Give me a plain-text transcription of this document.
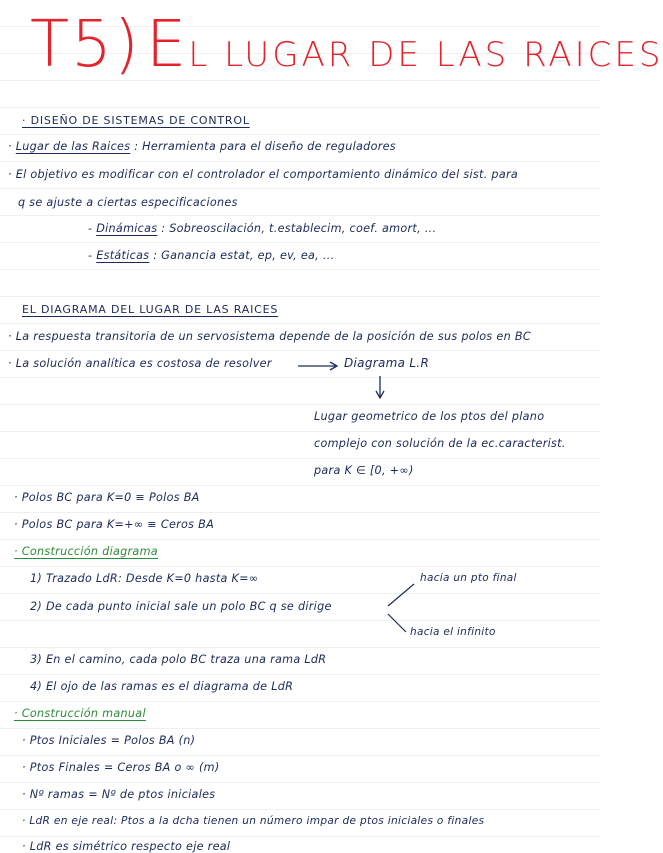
T5) EL LUGAR DE LAS RAICES
· DISEÑO DE SISTEMAS DE CONTROL
· Lugar de las Raices : Herramienta para el diseño de reguladores
· El objetivo es modificar con el controlador el comportamiento dinámico del sist. para
q se ajuste a ciertas especificaciones
- Dinámicas : Sobreoscilación, t.establecim, coef. amort, ...
- Estáticas : Ganancia estat, ep, ev, ea, ...
EL DIAGRAMA DEL LUGAR DE LAS RAICES
· La respuesta transitoria de un servosistema depende de la posición de sus polos en BC
· La solución analítica es costosa de resolver	Diagrama L.R
Lugar geometrico de los ptos del plano
complejo con solución de la ec.caracterist.
para K ∈ [0, +∞)
· Polos BC para K=0 ≡ Polos BA
· Polos BC para K=+∞ ≡ Ceros BA
· Construcción diagrama
1) Trazado LdR: Desde K=0 hasta K=∞
2) De cada punto inicial sale un polo BC q se dirige
hacia un pto final
hacia el infinito
3) En el camino, cada polo BC traza una rama LdR
4) El ojo de las ramas es el diagrama de LdR
· Construcción manual
· Ptos Iniciales = Polos BA (n)
· Ptos Finales = Ceros BA o ∞ (m)
· Nº ramas = Nº de ptos iniciales
· LdR en eje real: Ptos a la dcha tienen un número impar de ptos iniciales o finales
· LdR es simétrico respecto eje real
